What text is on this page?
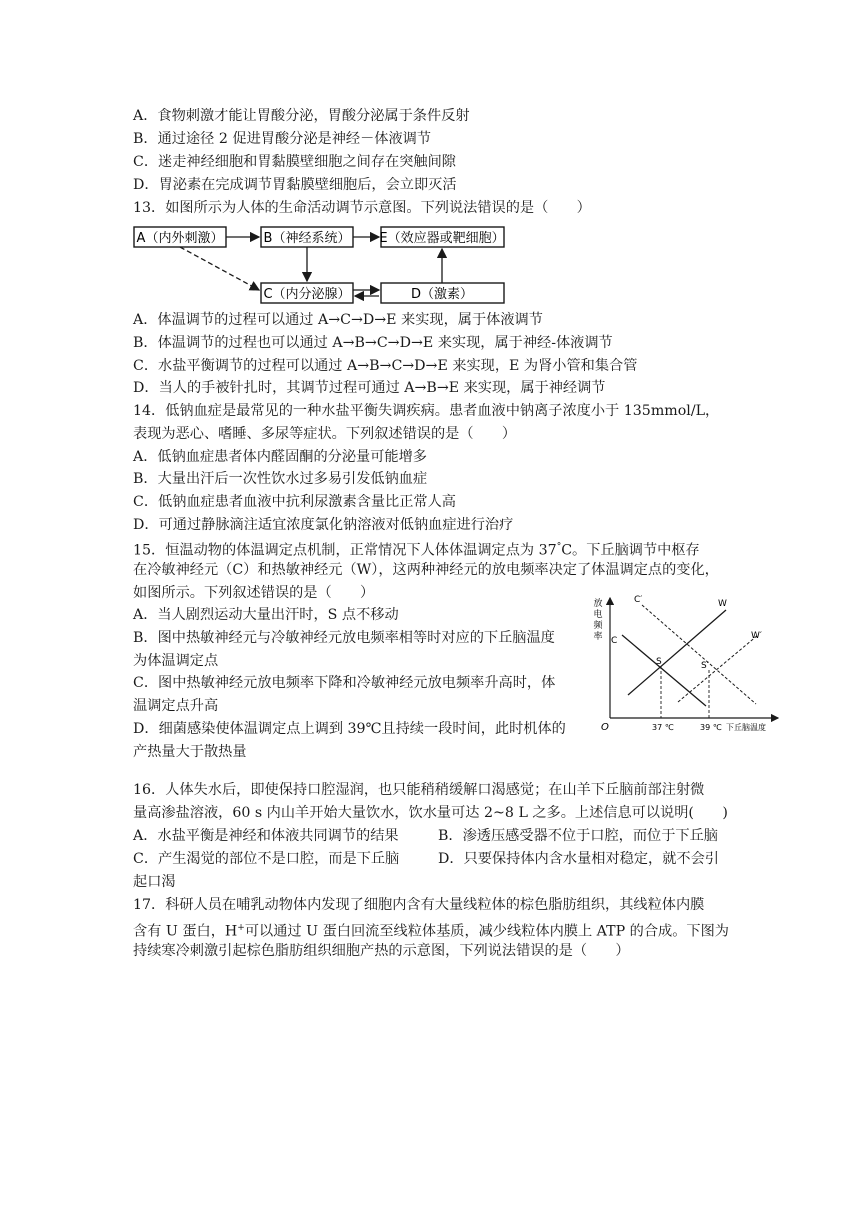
A．食物刺激才能让胃酸分泌，胃酸分泌属于条件反射
B．通过途径 2 促进胃酸分泌是神经－体液调节
C．迷走神经细胞和胃黏膜壁细胞之间存在突触间隙
D．胃泌素在完成调节胃黏膜壁细胞后，会立即灭活
13．如图所示为人体的生命活动调节示意图。下列说法错误的是（　　）
A（内外刺激）	B（神经系统） E（效应器或靶细胞）
C（内分泌腺）	D（激素）
A．体温调节的过程可以通过 A→C→D→E 来实现，属于体液调节
B．体温调节的过程也可以通过 A→B→C→D→E 来实现，属于神经-体液调节
C．水盐平衡调节的过程可以通过 A→B→C→D→E 来实现，E 为肾小管和集合管
D．当人的手被针扎时，其调节过程可通过 A→B→E 来实现，属于神经调节
14．低钠血症是最常见的一种水盐平衡失调疾病。患者血液中钠离子浓度小于 135mmol/L，
表现为恶心、嗜睡、多尿等症状。下列叙述错误的是（　　）
A．低钠血症患者体内醛固酮的分泌量可能增多
B．大量出汗后一次性饮水过多易引发低钠血症
C．低钠血症患者血液中抗利尿激素含量比正常人高
D．可通过静脉滴注适宜浓度氯化钠溶液对低钠血症进行治疗
15．恒温动物的体温调定点机制，正常情况下人体体温调定点为 37°C。下丘脑调节中枢存
在冷敏神经元（C）和热敏神经元（W），这两种神经元的放电频率决定了体温调定点的变化，
如图所示。下列叙述错误的是（　　）
A．当人剧烈运动大量出汗时，S 点不移动
B．图中热敏神经元与冷敏神经元放电频率相等时对应的下丘脑温度
为体温调定点
C．图中热敏神经元放电频率下降和冷敏神经元放电频率升高时，体
温调定点升高
D．细菌感染使体温调定点上调到 39℃且持续一段时间，此时机体的
产热量大于散热量
放
电
频
率
O
C
C′	W
W′
S	S′
37 ℃	39 ℃ 下丘脑温度
16．人体失水后，即使保持口腔湿润，也只能稍稍缓解口渴感觉；在山羊下丘脑前部注射微
量高渗盐溶液，60 s 内山羊开始大量饮水，饮水量可达 2~8 L 之多。上述信息可以说明(　　)
A．水盐平衡是神经和体液共同调节的结果	B．渗透压感受器不位于口腔，而位于下丘脑
C．产生渴觉的部位不是口腔，而是下丘脑	D．只要保持体内含水量相对稳定，就不会引
起口渴
17．科研人员在哺乳动物体内发现了细胞内含有大量线粒体的棕色脂肪组织，其线粒体内膜
含有 U 蛋白，H+可以通过 U 蛋白回流至线粒体基质，减少线粒体内膜上 ATP 的合成。下图为
持续寒冷刺激引起棕色脂肪组织细胞产热的示意图，下列说法错误的是（　　）
